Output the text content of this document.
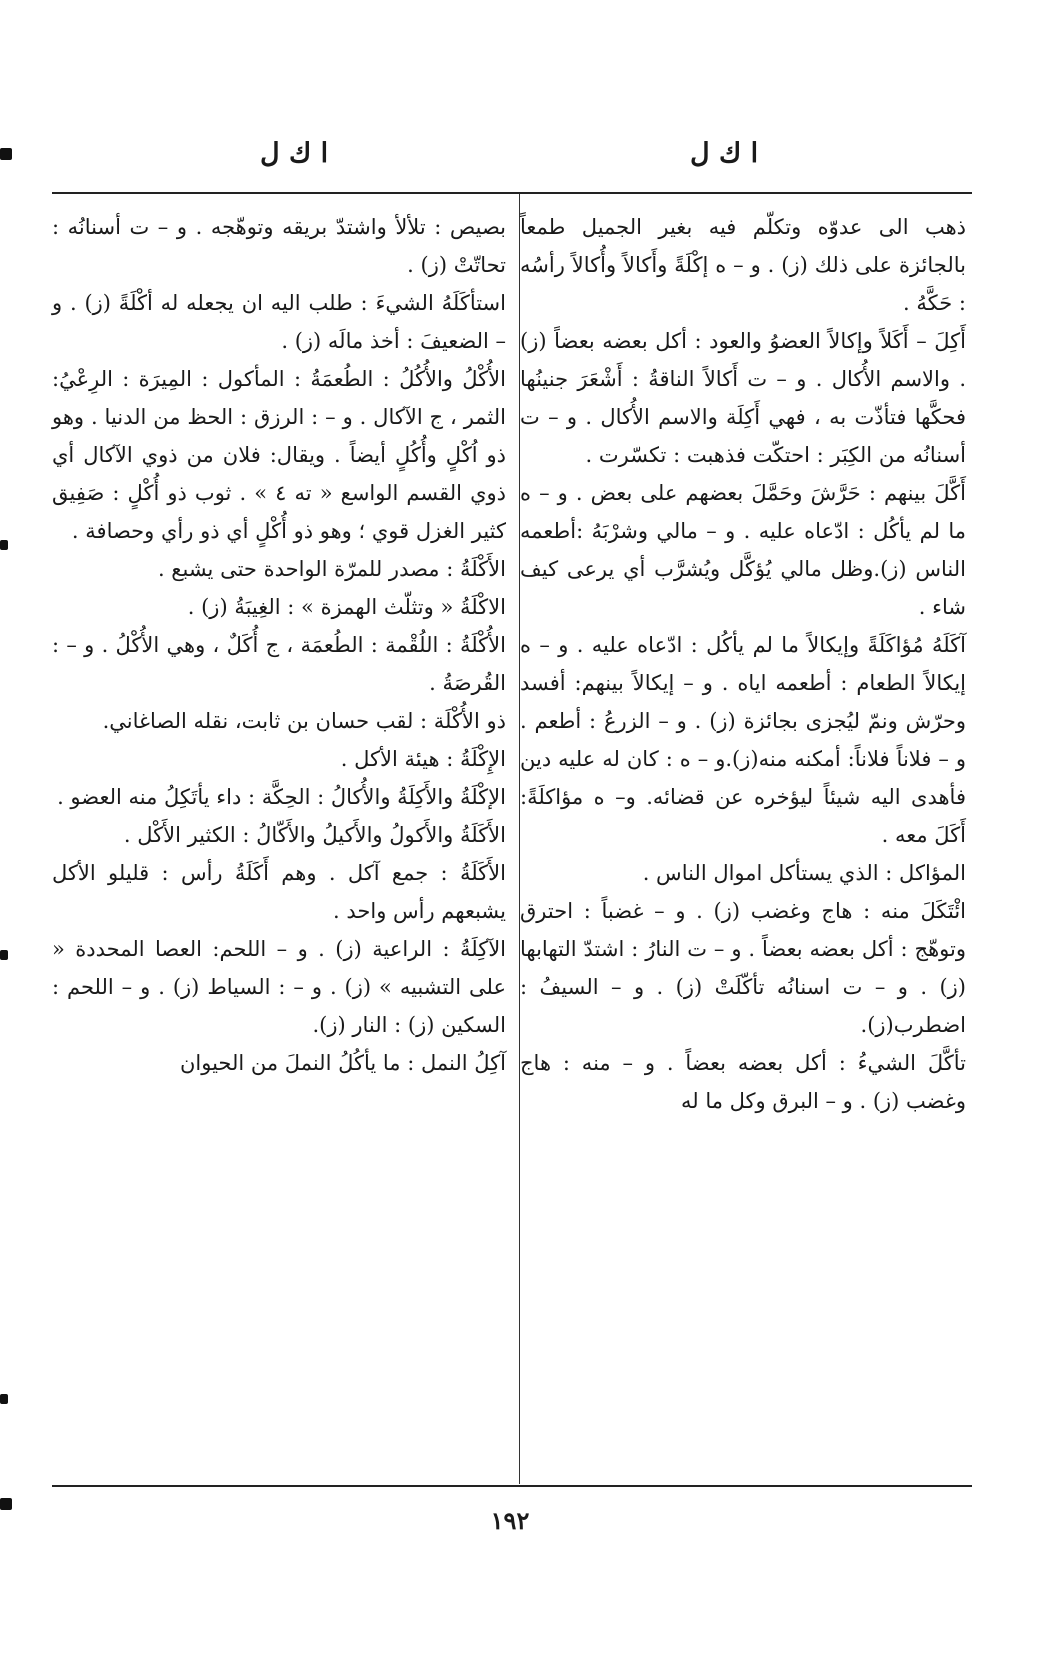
ا ك ل
ا ك ل

ذهب الى عدوّه وتكلّم فيه بغير الجميل طمعاً بالجائزة على ذلك (ز) . و – ه إكْلَةً وأَكالاً وأُكالاً رأسُه : حَكَّهُ .

أَكِلَ – أَكَلاً وإكالاً العضوُ والعود : أكل بعضه بعضاً (ز) . والاسم الأُكال . و – ت أَكالاً الناقةُ : أَشْعَرَ جنينُها فحكَّها فتأذّت به ، فهي أَكِلَة والاسم الأُكال . و – ت أسنانُه من الكِبَر : احتكّت فذهبت : تكسّرت .

أَكَّلَ بينهم : حَرَّشَ وحَمَّلَ بعضهم على بعض . و – ه ما لم يأكُل : ادّعاه عليه . و – مالي وشرْبَهُ :أطعمه الناس (ز).وظل مالي يُؤكَّل ويُشرَّب أي يرعى كيف شاء .

آكَلَهُ مُؤاكَلَةً وإيكالاً ما لم يأكُل : ادّعاه عليه . و – ه إيكالاً الطعام : أطعمه اياه . و – إيكالاً بينهم: أفسد وحرّش ونمّ ليُجزى بجائزة (ز) . و – الزرعُ : أطعم . و – فلاناً فلاناً: أمكنه منه(ز).و – ه : كان له عليه دين فأهدى اليه شيئاً ليؤخره عن قضائه. و– ه مؤاكلَةً: أَكَلَ معه .

المؤاكل : الذي يستأكل اموال الناس .

ائْتَكَلَ منه : هاج وغضب (ز) . و – غضباً : احترق وتوهّج : أكل بعضه بعضاً . و – ت النارُ : اشتدّ التهابها (ز) . و – ت اسنانُه تأكّلَتْ (ز) . و – السيفُ : اضطرب(ز).

تأكَّلَ الشيءُ : أكل بعضه بعضاً . و – منه : هاج وغضب (ز) . و – البرق وكل ما له

بصيص : تلألأ واشتدّ بريقه وتوهّجه . و – ت أسنانُه : تحاتّتْ (ز) .

استأكَلَهُ الشيءَ : طلب اليه ان يجعله له أكْلَةً (ز) . و – الضعيفَ : أخذ مالَه (ز) .

الأُكْلُ والأُكُلُ : الطُعمَةُ : المأكول : المِيرَة : الرِعْيُ: الثمر ، ج الآكال . و – : الرزق : الحظ من الدنيا . وهو ذو اُكْلٍ وأُكُلٍ أيضاً . ويقال: فلان من ذوي الآكال أي ذوي القسم الواسع « ته ٤ » . ثوب ذو أُكْلٍ : صَفِيق كثير الغزل قوي ؛ وهو ذو أُكْلٍ أي ذو رأي وحصافة .

الأَكْلَةُ : مصدر للمرّة الواحدة حتى يشبع .

الاكْلَةُ « وتثلّث الهمزة » : الغِيبَةُ (ز) .

الأُكْلَةُ : اللُقْمة : الطُعمَة ، ج أُكَلٌ ، وهي الأُكْلُ . و – : القُرصَةُ .

ذو الأُكْلَة : لقب حسان بن ثابت، نقله الصاغاني.

الإِكْلَةُ : هيئة الأكل .

الإكْلَةُ والأَكِلَةُ والأُكالُ : الحِكَّة : داء يأتَكِلُ منه العضو .

الأَكَلَةُ والأَكولُ والأَكيلُ والأَكّالُ : الكثير الأَكْل .

الأَكَلَةُ : جمع آكل . وهم أَكَلَةُ رأس : قليلو الأكل يشبعهم رأس واحد .

الآكِلَةُ : الراعية (ز) . و – اللحم: العصا المحددة « على التشبيه » (ز) . و – : السياط (ز) . و – اللحم : السكين (ز) : النار (ز).

آكِلُ النمل : ما يأكُلُ النملَ من الحيوان

١٩٢
